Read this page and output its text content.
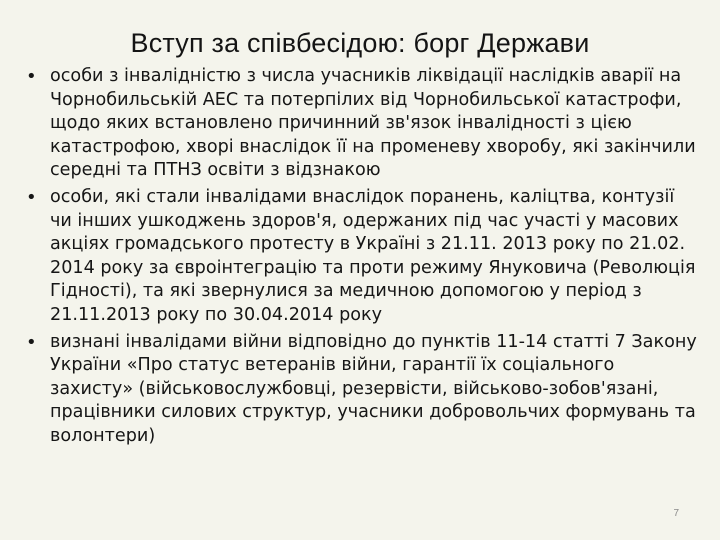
Вступ за співбесідою: борг Держави
• особи з інвалідністю з числа учасників ліквідації наслідків аварії на Чорнобильській АЕС та потерпілих від Чорнобильської катастрофи, щодо яких встановлено причинний зв'язок інвалідності з цією катастрофою, хворі внаслідок її на променеву хворобу, які закінчили середні та ПТНЗ освіти з відзнакою
• особи, які стали інвалідами внаслідок поранень, каліцтва, контузії чи інших ушкоджень здоров'я, одержаних під час участі у масових акціях громадського протесту в Україні з 21.11. 2013 року по 21.02. 2014 року за євроінтеграцію та проти режиму Януковича (Революція Гідності), та які звернулися за медичною допомогою у період з 21.11.2013 року по 30.04.2014 року
• визнані інвалідами війни відповідно до пунктів 11-14 статті 7 Закону України «Про статус ветеранів війни, гарантії їх соціального захисту» (військовослужбовці, резервісти, військово-зобов'язані, працівники силових структур, учасники добровольчих формувань та волонтери)
7
